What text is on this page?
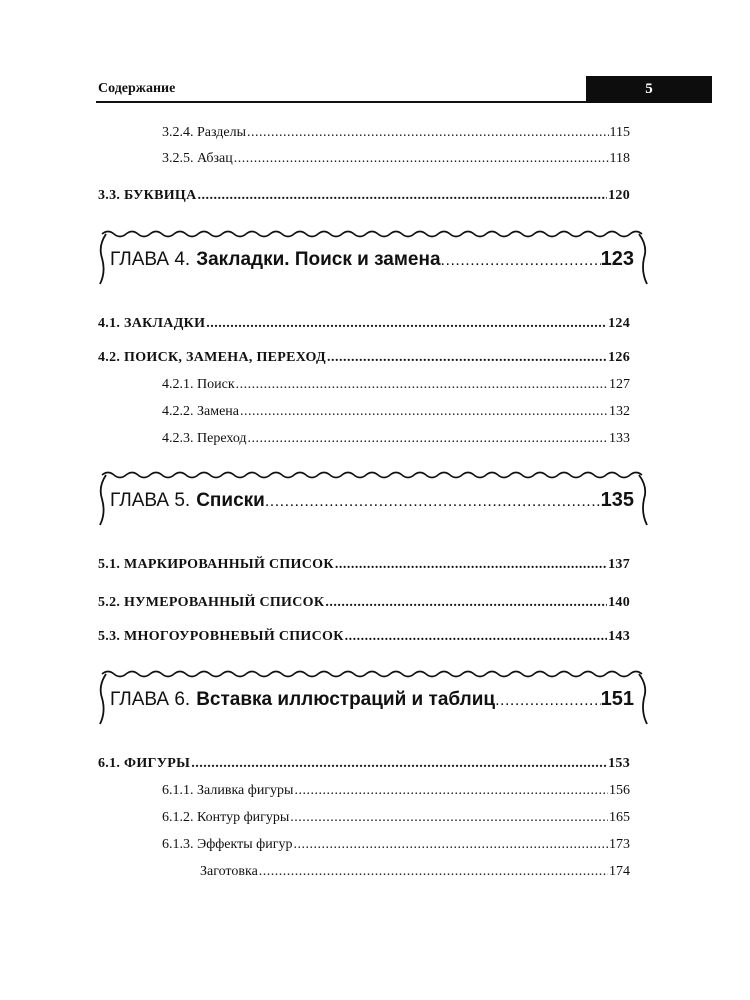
Содержание	5
3.2.4. Разделы .....	115
3.2.5. Абзац .....	118
3.3. БУКВИЦА .....	120
ГЛАВА 4. Закладки. Поиск и замена .....	123
4.1. ЗАКЛАДКИ .....	124
4.2. ПОИСК, ЗАМЕНА, ПЕРЕХОД .....	126
4.2.1. Поиск .....	127
4.2.2. Замена .....	132
4.2.3. Переход .....	133
ГЛАВА 5. Списки .....	135
5.1. МАРКИРОВАННЫЙ СПИСОК .....	137
5.2. НУМЕРОВАННЫЙ СПИСОК .....	140
5.3. МНОГОУРОВНЕВЫЙ СПИСОК .....	143
ГЛАВА 6. Вставка иллюстраций и таблиц .....	151
6.1. ФИГУРЫ .....	153
6.1.1. Заливка фигуры .....	156
6.1.2. Контур фигуры .....	165
6.1.3. Эффекты фигур .....	173
Заготовка .....	174
